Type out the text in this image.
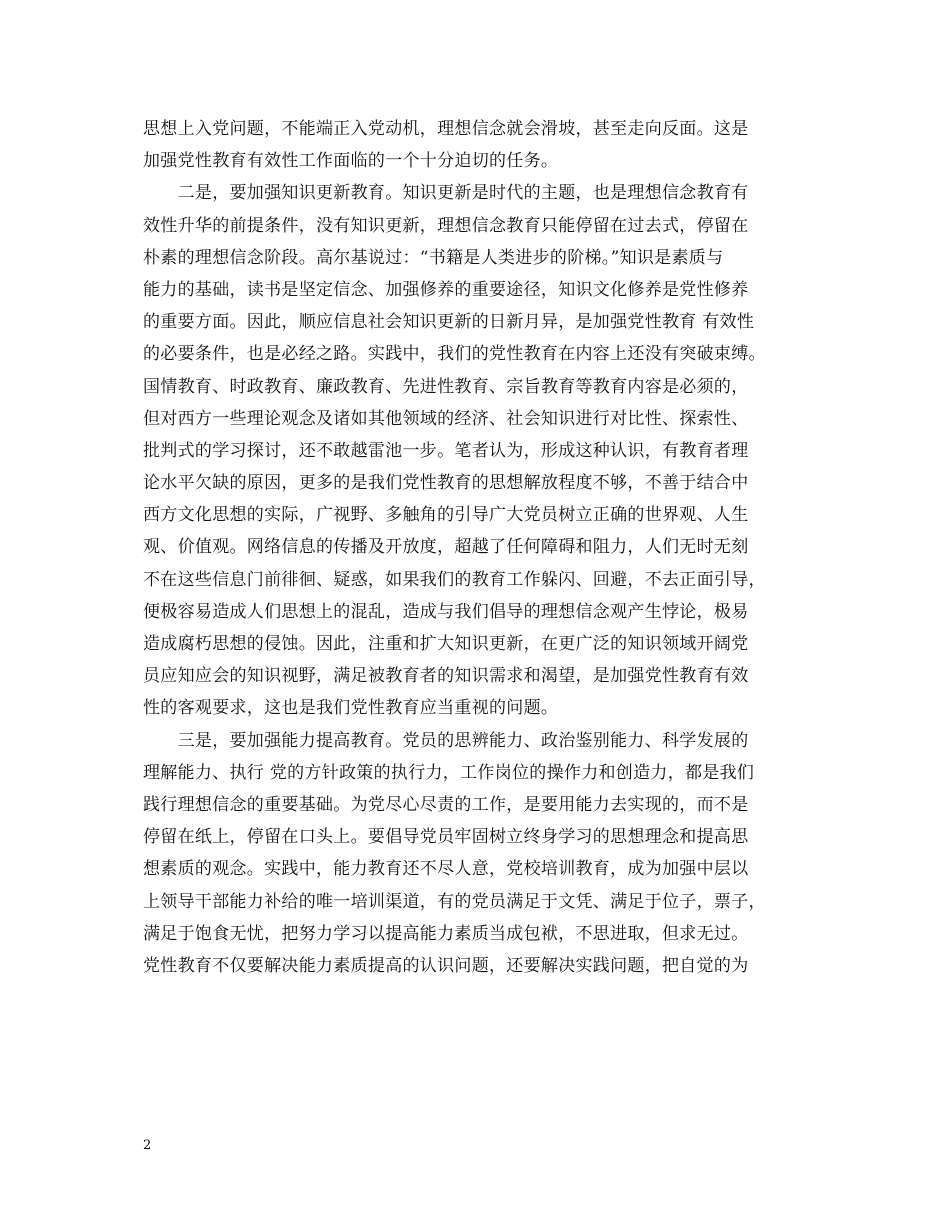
思想上入党问题，不能端正入党动机，理想信念就会滑坡，甚至走向反面。这是
加强党性教育有效性工作面临的一个十分迫切的任务。
　　二是，要加强知识更新教育。知识更新是时代的主题，也是理想信念教育有
效性升华的前提条件，没有知识更新，理想信念教育只能停留在过去式，停留在
朴素的理想信念阶段。高尔基说过：“书籍是人类进步的阶梯。”知识是素质与
能力的基础，读书是坚定信念、加强修养的重要途径，知识文化修养是党性修养
的重要方面。因此，顺应信息社会知识更新的日新月异，是加强党性教育 有效性
的必要条件，也是必经之路。实践中，我们的党性教育在内容上还没有突破束缚。
国情教育、时政教育、廉政教育、先进性教育、宗旨教育等教育内容是必须的，
但对西方一些理论观念及诸如其他领域的经济、社会知识进行对比性、探索性、
批判式的学习探讨，还不敢越雷池一步。笔者认为，形成这种认识，有教育者理
论水平欠缺的原因，更多的是我们党性教育的思想解放程度不够，不善于结合中
西方文化思想的实际，广视野、多触角的引导广大党员树立正确的世界观、人生
观、价值观。网络信息的传播及开放度，超越了任何障碍和阻力，人们无时无刻
不在这些信息门前徘徊、疑惑，如果我们的教育工作躲闪、回避，不去正面引导，
便极容易造成人们思想上的混乱，造成与我们倡导的理想信念观产生悖论，极易
造成腐朽思想的侵蚀。因此，注重和扩大知识更新，在更广泛的知识领域开阔党
员应知应会的知识视野，满足被教育者的知识需求和渴望，是加强党性教育有效
性的客观要求，这也是我们党性教育应当重视的问题。
　　三是，要加强能力提高教育。党员的思辨能力、政治鉴别能力、科学发展的
理解能力、执行 党的方针政策的执行力，工作岗位的操作力和创造力，都是我们
践行理想信念的重要基础。为党尽心尽责的工作，是要用能力去实现的，而不是
停留在纸上，停留在口头上。要倡导党员牢固树立终身学习的思想理念和提高思
想素质的观念。实践中，能力教育还不尽人意，党校培训教育，成为加强中层以
上领导干部能力补给的唯一培训渠道，有的党员满足于文凭、满足于位子，票子，
满足于饱食无忧，把努力学习以提高能力素质当成包袱，不思进取，但求无过。
党性教育不仅要解决能力素质提高的认识问题，还要解决实践问题，把自觉的为
2
